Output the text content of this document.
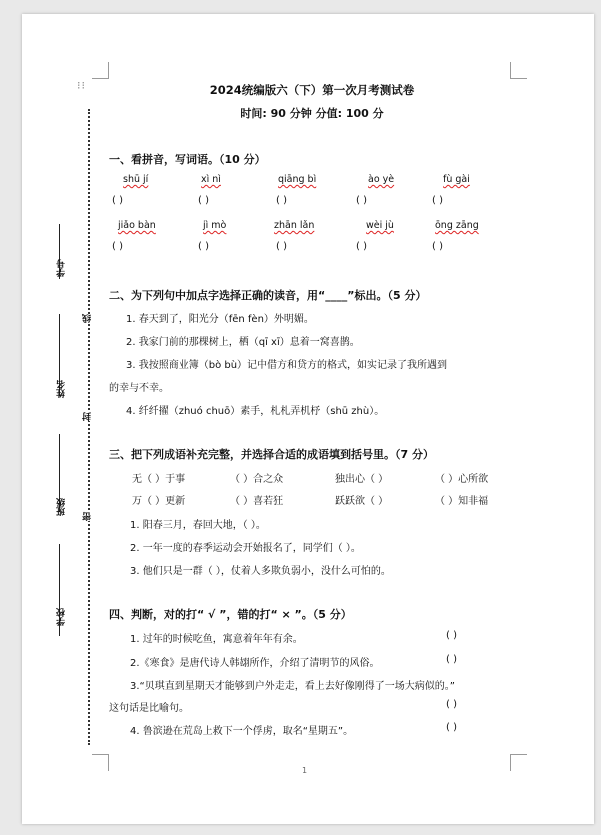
⁝⁝
学号
姓名
班级
学校
线
封
密
2024统编版六（下）第一次月考测试卷
时间: 90 分钟 分值: 100 分
一、看拼音，写词语。（10 分）
shū jí	xì nì	qiāng bì	ào yè	fù gài
( )	( )	( )	( )	( )
jiǎo bàn	jì mò	zhān lǎn	wèi jù	ōng zāng
( )	( )	( )	( )	( )
二、为下列句中加点字选择正确的读音，用“____”标出。（5 分）
1. 春天到了，阳光分（fēn fèn）外明媚。
2. 我家门前的那棵树上，栖（qī xī）息着一窝喜鹊。
3. 我按照商业簿（bò bù）记中借方和贷方的格式，如实记录了我所遇到
的幸与不幸。
4. 纤纤擢（zhuó chuō）素手，札札弄机杼（shū zhù）。
三、把下列成语补充完整，并选择合适的成语填到括号里。（7 分）
无（ ）于事	（ ）合之众	独出心（ ）	（ ）心所欲
万（ ）更新	（ ）喜若狂	跃跃欲（ ）	（ ）知非福
1. 阳春三月，春回大地，（ ）。
2. 一年一度的春季运动会开始报名了，同学们（ ）。
3. 他们只是一群（ ），仗着人多欺负弱小，没什么可怕的。
四、判断，对的打“ √ ”，错的打“ × ”。（5 分）
1. 过年的时候吃鱼，寓意着年年有余。	( )
2.《寒食》是唐代诗人韩翃所作，介绍了清明节的风俗。	( )
3.“贝琪直到星期天才能够到户外走走，看上去好像刚得了一场大病似的。”
这句话是比喻句。	( )
4. 鲁滨逊在荒岛上救下一个俘虏，取名“星期五”。	( )
1
